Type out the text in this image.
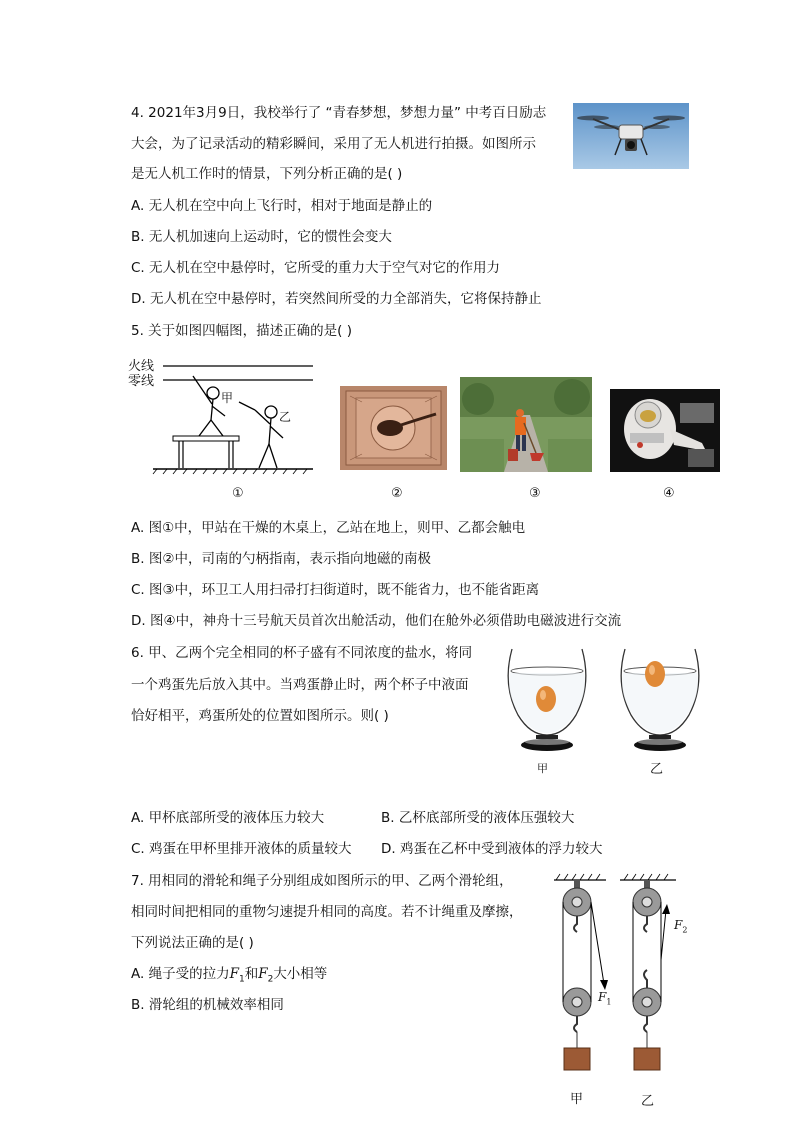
4. 2021年3月9日，我校举行了 “青春梦想，梦想力量” 中考百日励志
大会，为了记录活动的精彩瞬间，采用了无人机进行拍摄。如图所示
是无人机工作时的情景，下列分析正确的是( )
A. 无人机在空中向上飞行时，相对于地面是静止的
B. 无人机加速向上运动时，它的惯性会变大
C. 无人机在空中悬停时，它所受的重力大于空气对它的作用力
D. 无人机在空中悬停时，若突然间所受的力全部消失，它将保持静止
5. 关于如图四幅图，描述正确的是( )
火线
零线
甲
乙
①	②	③	④
A. 图①中，甲站在干燥的木桌上，乙站在地上，则甲、乙都会触电
B. 图②中，司南的勺柄指南，表示指向地磁的南极
C. 图③中，环卫工人用扫帚打扫街道时，既不能省力，也不能省距离
D. 图④中，神舟十三号航天员首次出舱活动，他们在舱外必须借助电磁波进行交流
6. 甲、乙两个完全相同的杯子盛有不同浓度的盐水，将同
一个鸡蛋先后放入其中。当鸡蛋静止时，两个杯子中液面
恰好相平，鸡蛋所处的位置如图所示。则( )
甲	乙
A. 甲杯底部所受的液体压力较大	B. 乙杯底部所受的液体压强较大
C. 鸡蛋在甲杯里排开液体的质量较大 D. 鸡蛋在乙杯中受到液体的浮力较大
7. 用相同的滑轮和绳子分别组成如图所示的甲、乙两个滑轮组，
相同时间把相同的重物匀速提升相同的高度。若不计绳重及摩擦，
下列说法正确的是( )
A. 绳子受的拉力$F_1$和$F_2$大小相等
B. 滑轮组的机械效率相同	$F_1$
$F_2$
甲	乙
